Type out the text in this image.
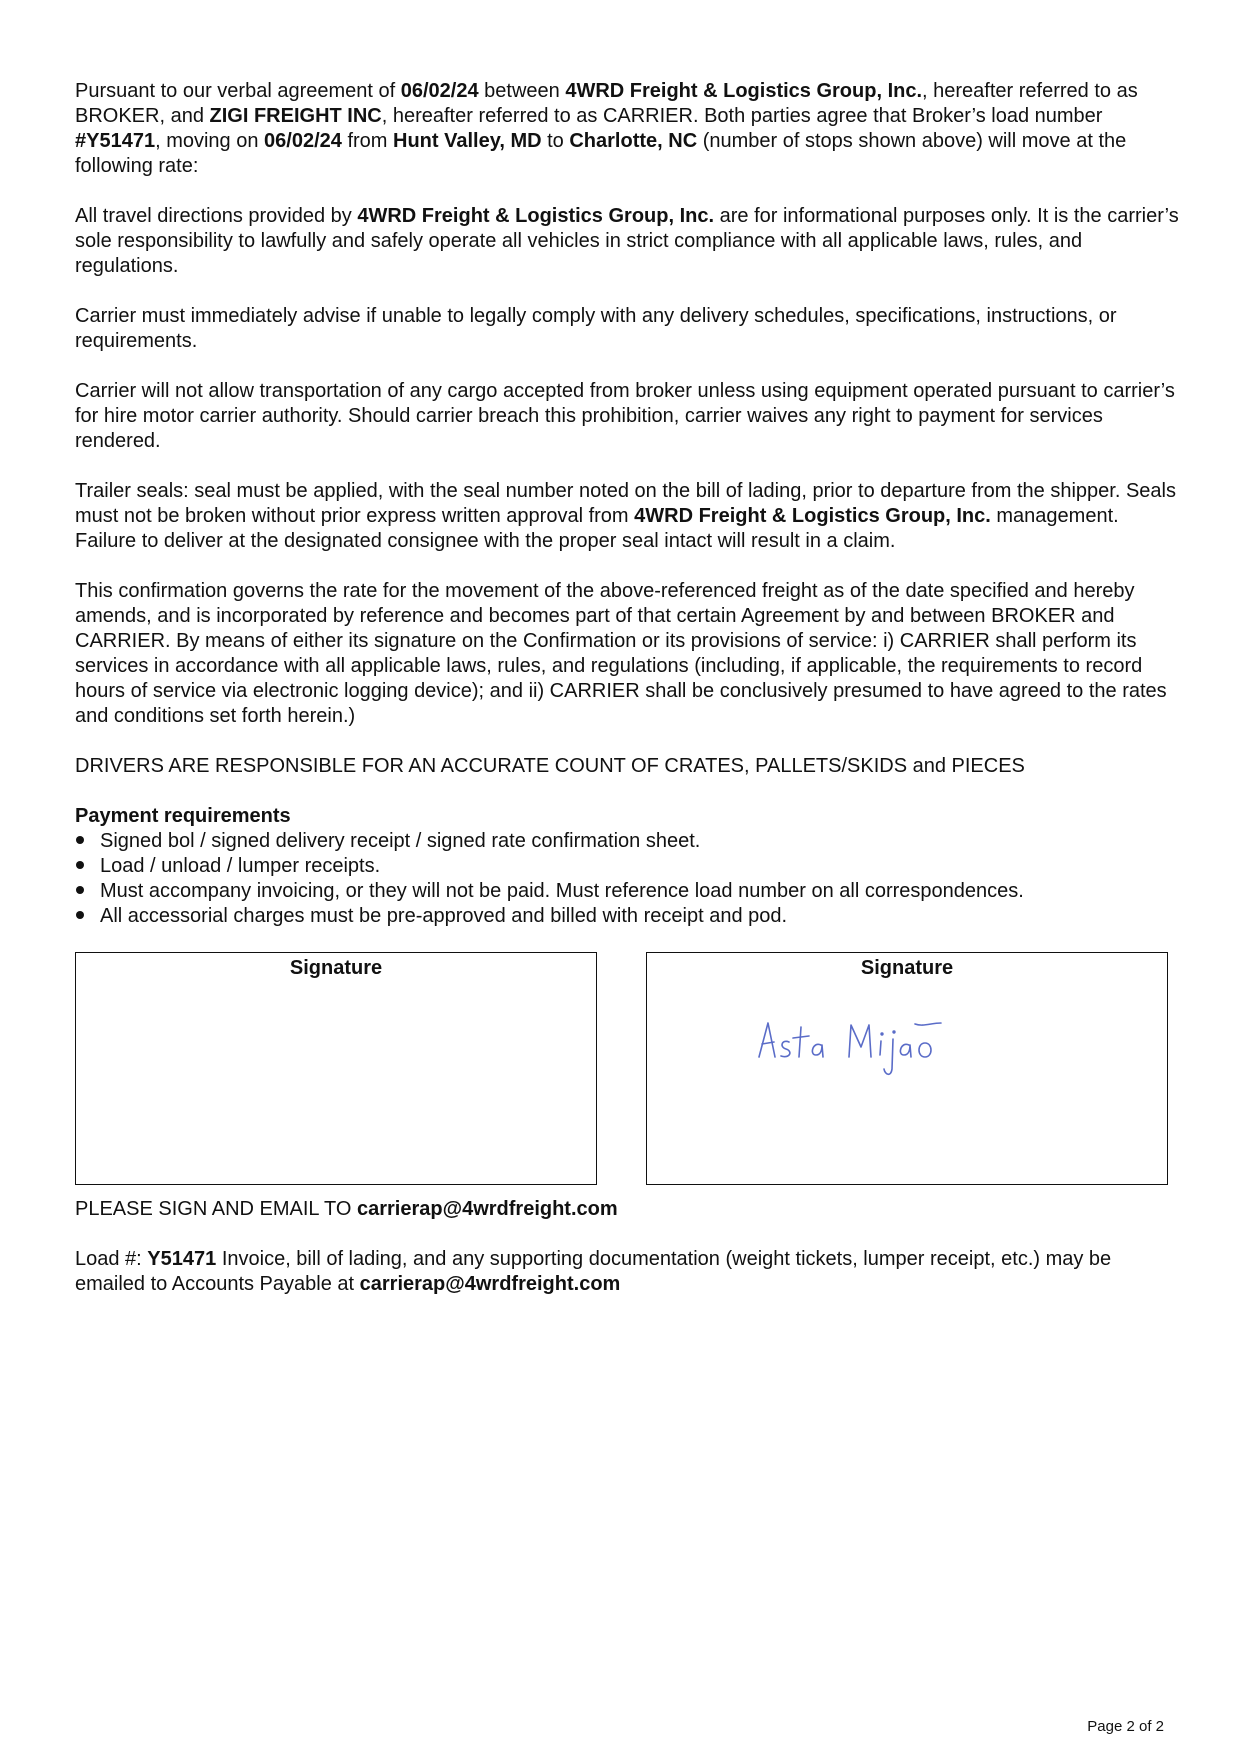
Pursuant to our verbal agreement of 06/02/24 between 4WRD Freight & Logistics Group, Inc., hereafter referred to as BROKER, and ZIGI FREIGHT INC, hereafter referred to as CARRIER. Both parties agree that Broker’s load number #Y51471, moving on 06/02/24 from Hunt Valley, MD to Charlotte, NC (number of stops shown above) will move at the following rate:

All travel directions provided by 4WRD Freight & Logistics Group, Inc. are for informational purposes only. It is the carrier’s sole responsibility to lawfully and safely operate all vehicles in strict compliance with all applicable laws, rules, and regulations.

Carrier must immediately advise if unable to legally comply with any delivery schedules, specifications, instructions, or requirements.

Carrier will not allow transportation of any cargo accepted from broker unless using equipment operated pursuant to carrier’s for hire motor carrier authority. Should carrier breach this prohibition, carrier waives any right to payment for services rendered.

Trailer seals: seal must be applied, with the seal number noted on the bill of lading, prior to departure from the shipper. Seals must not be broken without prior express written approval from 4WRD Freight & Logistics Group, Inc. management. Failure to deliver at the designated consignee with the proper seal intact will result in a claim.

This confirmation governs the rate for the movement of the above-referenced freight as of the date specified and hereby amends, and is incorporated by reference and becomes part of that certain Agreement by and between BROKER and CARRIER. By means of either its signature on the Confirmation or its provisions of service: i) CARRIER shall perform its services in accordance with all applicable laws, rules, and regulations (including, if applicable, the requirements to record hours of service via electronic logging device); and ii) CARRIER shall be conclusively presumed to have agreed to the rates and conditions set forth herein.)

DRIVERS ARE RESPONSIBLE FOR AN ACCURATE COUNT OF CRATES, PALLETS/SKIDS and PIECES

Payment requirements
Signed bol / signed delivery receipt / signed rate confirmation sheet.
Load / unload / lumper receipts.
Must accompany invoicing, or they will not be paid. Must reference load number on all correspondences.
All accessorial charges must be pre-approved and billed with receipt and pod.
Signature	Signature

PLEASE SIGN AND EMAIL TO carrierap@4wrdfreight.com

Load #: Y51471 Invoice, bill of lading, and any supporting documentation (weight tickets, lumper receipt, etc.) may be emailed to Accounts Payable at carrierap@4wrdfreight.com

Page 2 of 2
